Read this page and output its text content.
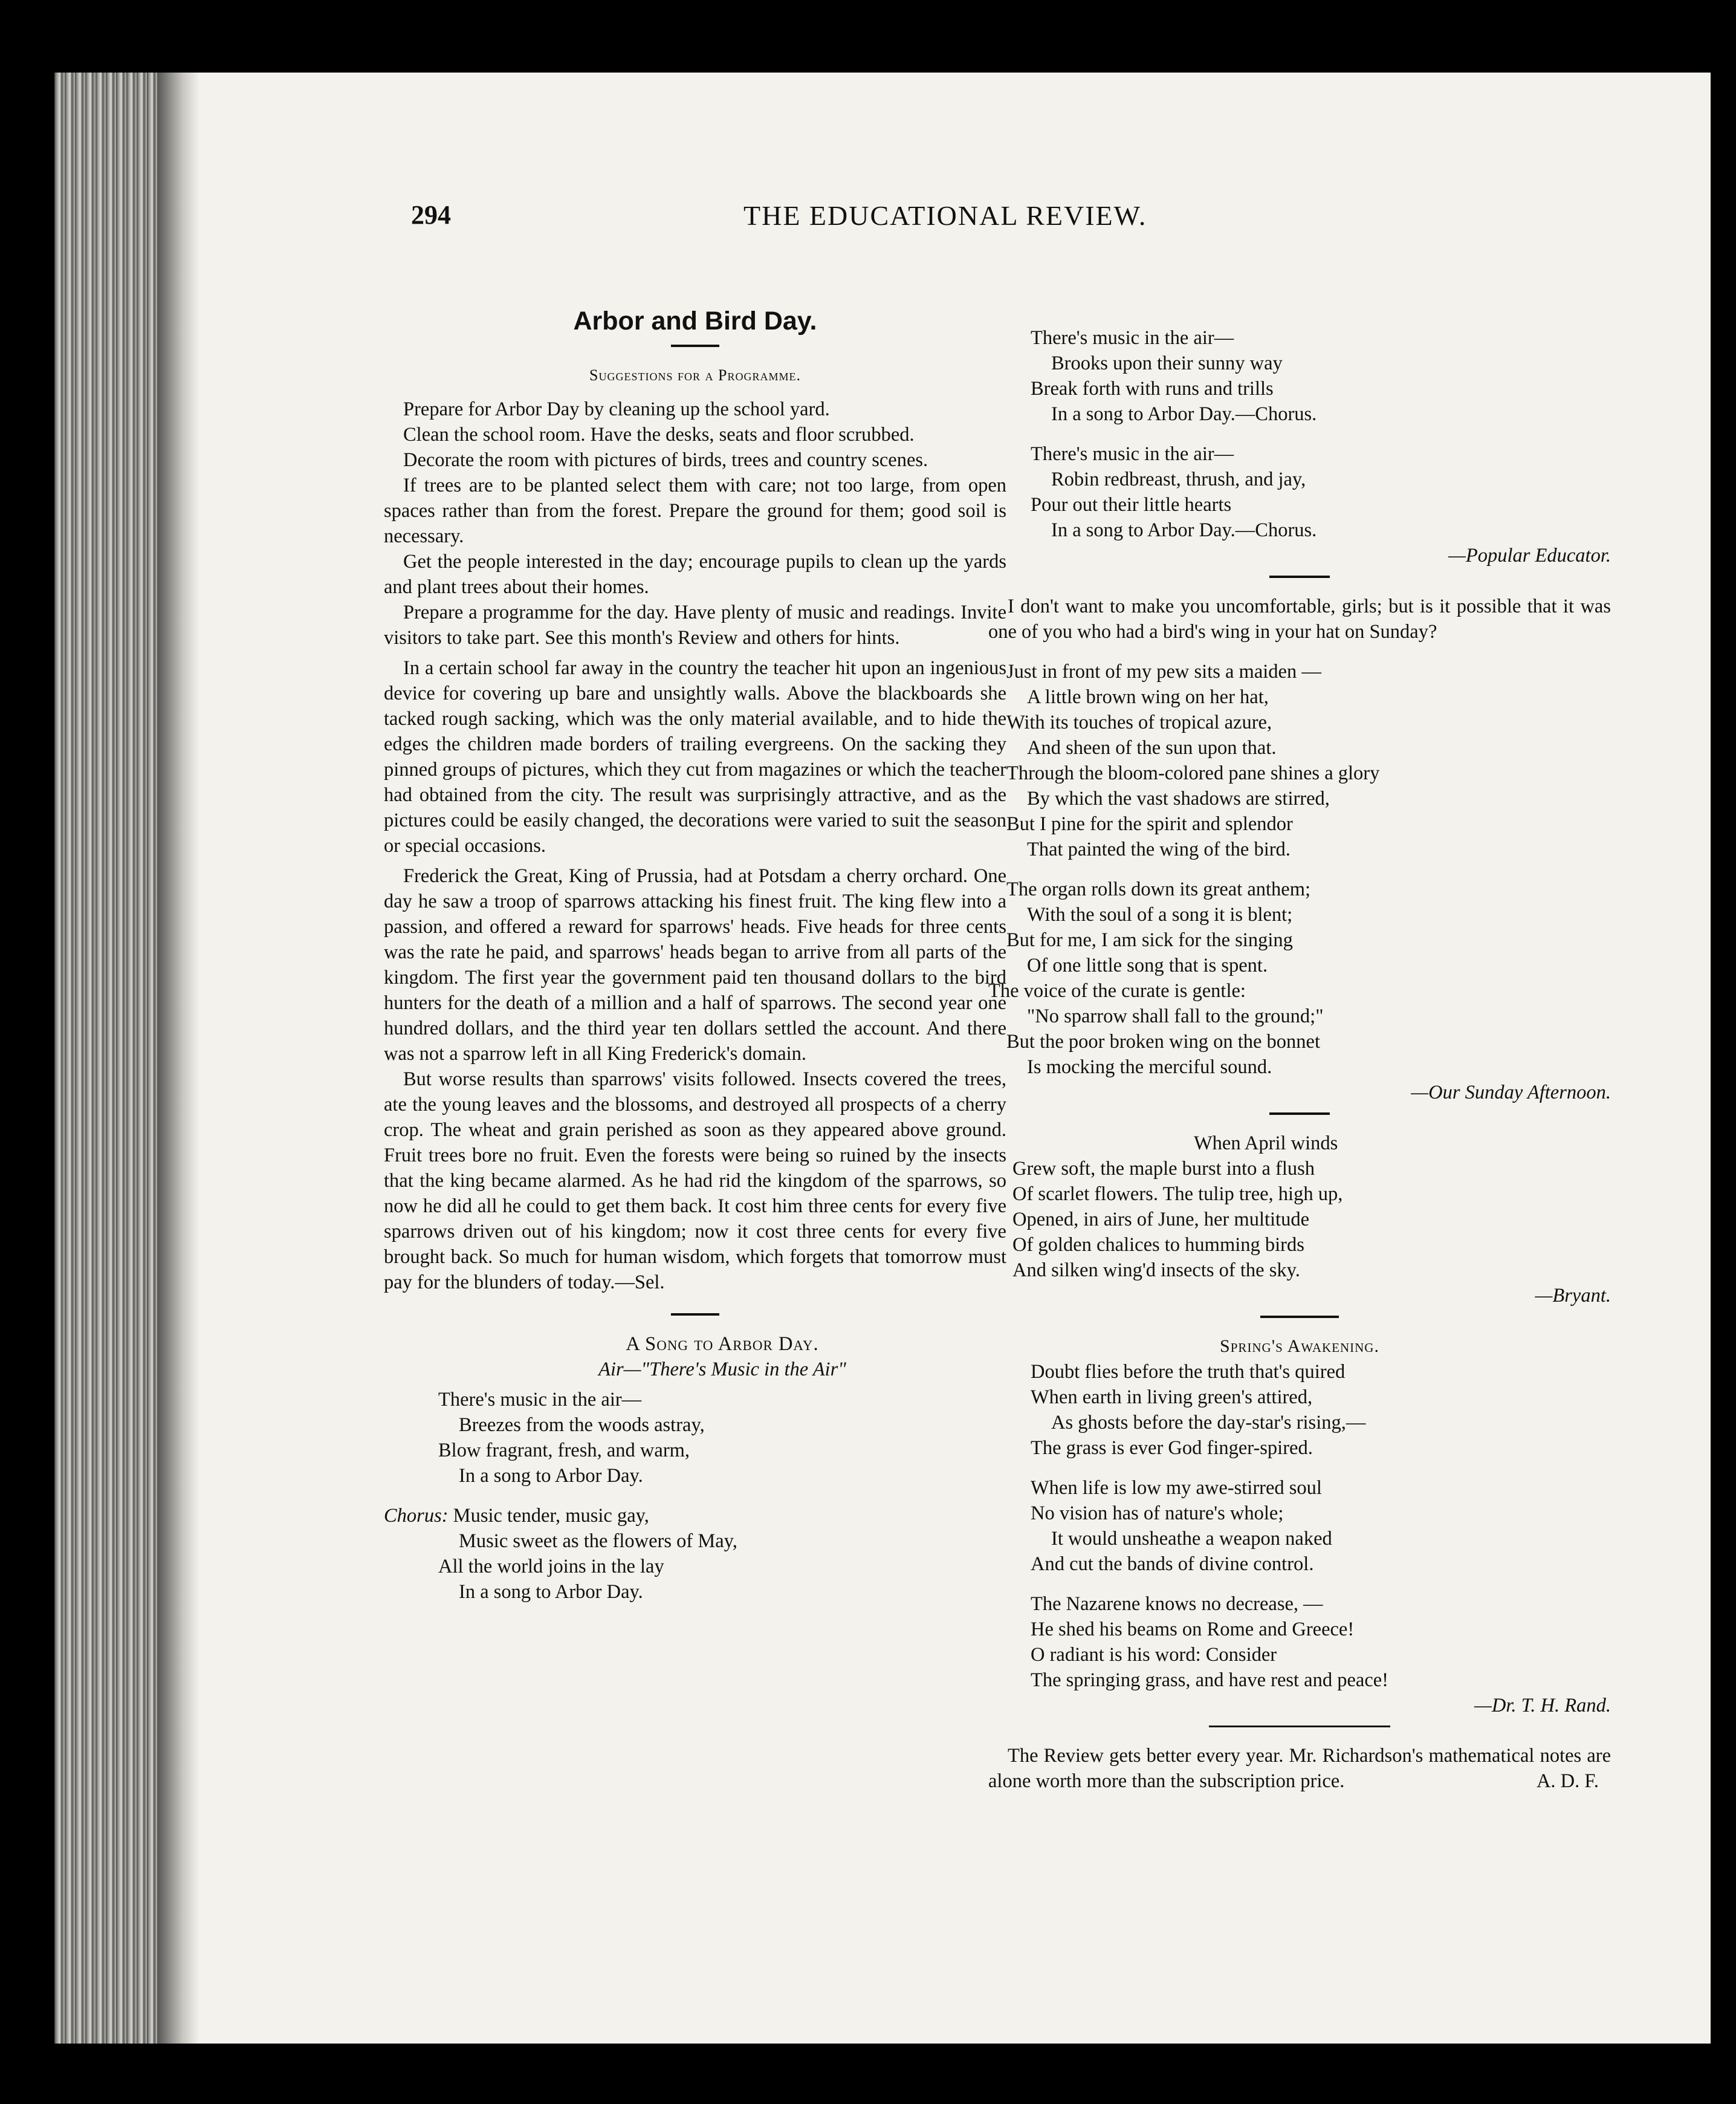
294	THE EDUCATIONAL REVIEW.
Arbor and Bird Day.
Suggestions for a Programme.

Prepare for Arbor Day by cleaning up the school yard.

Clean the school room. Have the desks, seats and floor scrubbed.

Decorate the room with pictures of birds, trees and country scenes.

If trees are to be planted select them with care; not too large, from open spaces rather than from the forest. Prepare the ground for them; good soil is necessary.

Get the people interested in the day; encourage pupils to clean up the yards and plant trees about their homes.

Prepare a programme for the day. Have plenty of music and readings. Invite visitors to take part. See this month's Review and others for hints.

In a certain school far away in the country the teacher hit upon an ingenious device for covering up bare and unsightly walls. Above the blackboards she tacked rough sacking, which was the only material available, and to hide the edges the children made borders of trailing evergreens. On the sacking they pinned groups of pictures, which they cut from magazines or which the teacher had obtained from the city. The result was surprisingly attractive, and as the pictures could be easily changed, the decorations were varied to suit the season or special occasions.

Frederick the Great, King of Prussia, had at Potsdam a cherry orchard. One day he saw a troop of sparrows attacking his finest fruit. The king flew into a passion, and offered a reward for sparrows' heads. Five heads for three cents was the rate he paid, and sparrows' heads began to arrive from all parts of the kingdom. The first year the government paid ten thousand dollars to the bird hunters for the death of a million and a half of sparrows. The second year one hundred dollars, and the third year ten dollars settled the account. And there was not a sparrow left in all King Frederick's domain.

But worse results than sparrows' visits followed. Insects covered the trees, ate the young leaves and the blossoms, and destroyed all prospects of a cherry crop. The wheat and grain perished as soon as they appeared above ground. Fruit trees bore no fruit. Even the forests were being so ruined by the insects that the king became alarmed. As he had rid the kingdom of the sparrows, so now he did all he could to get them back. It cost him three cents for every five sparrows driven out of his kingdom; now it cost three cents for every five brought back. So much for human wisdom, which forgets that tomorrow must pay for the blunders of today.—Sel.

A Song to Arbor Day.
Air—"There's Music in the Air"
There's music in the air—
Breezes from the woods astray,
Blow fragrant, fresh, and warm,
In a song to Arbor Day.
Chorus: Music tender, music gay,
Music sweet as the flowers of May,
All the world joins in the lay
In a song to Arbor Day.
There's music in the air—
Brooks upon their sunny way
Break forth with runs and trills
In a song to Arbor Day.—Chorus.
There's music in the air—
Robin redbreast, thrush, and jay,
Pour out their little hearts
In a song to Arbor Day.—Chorus.
—Popular Educator.

I don't want to make you uncomfortable, girls; but is it possible that it was one of you who had a bird's wing in your hat on Sunday?

Just in front of my pew sits a maiden —
A little brown wing on her hat,
With its touches of tropical azure,
And sheen of the sun upon that.
Through the bloom-colored pane shines a glory
By which the vast shadows are stirred,
But I pine for the spirit and splendor
That painted the wing of the bird.
The organ rolls down its great anthem;
With the soul of a song it is blent;
But for me, I am sick for the singing
Of one little song that is spent.
The voice of the curate is gentle:
"No sparrow shall fall to the ground;"
But the poor broken wing on the bonnet
Is mocking the merciful sound.
—Our Sunday Afternoon.
When April winds
Grew soft, the maple burst into a flush
Of scarlet flowers. The tulip tree, high up,
Opened, in airs of June, her multitude
Of golden chalices to humming birds
And silken wing'd insects of the sky.
—Bryant.
Spring's Awakening.
Doubt flies before the truth that's quired
When earth in living green's attired,
As ghosts before the day-star's rising,—
The grass is ever God finger-spired.
When life is low my awe-stirred soul
No vision has of nature's whole;
It would unsheathe a weapon naked
And cut the bands of divine control.
The Nazarene knows no decrease, —
He shed his beams on Rome and Greece!
O radiant is his word: Consider
The springing grass, and have rest and peace!
—Dr. T. H. Rand.

The Review gets better every year. Mr. Richardson's mathematical notes are alone worth more than the subscription price.	A. D. F.
